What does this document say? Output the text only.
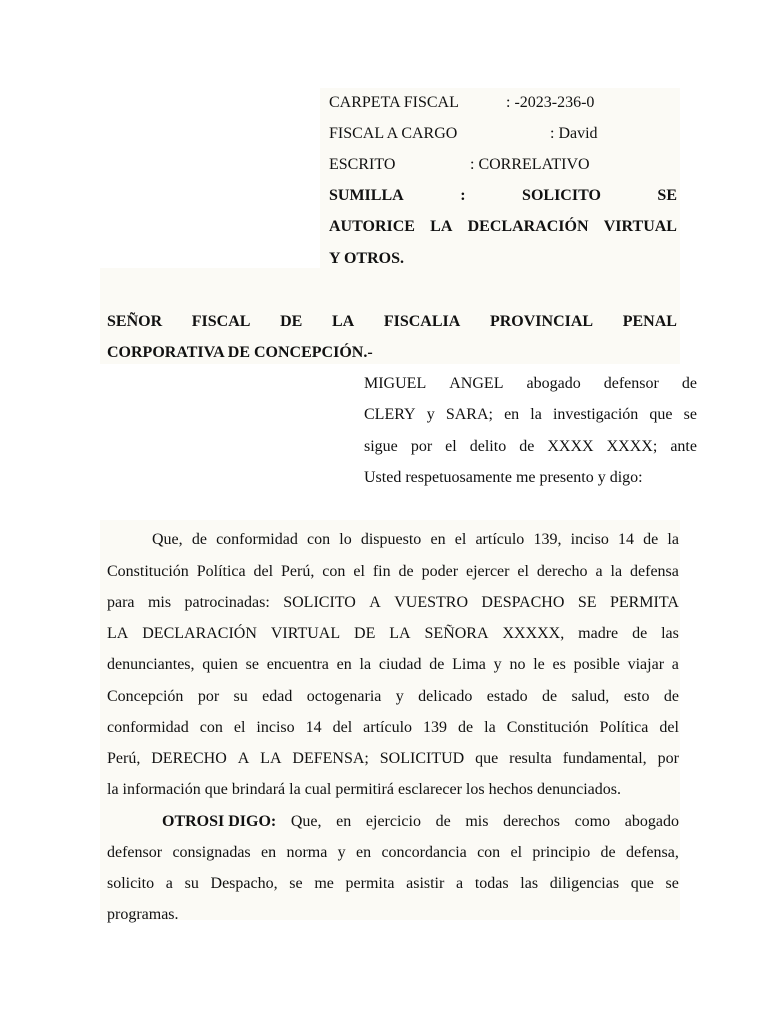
CARPETA FISCAL	: -2023-236-0
FISCAL A CARGO	: David
ESCRITO	: CORRELATIVO
SUMILLA	:	SOLICITO	SE
AUTORICE LA DECLARACIÓN VIRTUAL
Y OTROS.
SEÑOR FISCAL DE LA FISCALIA PROVINCIAL PENAL
CORPORATIVA DE CONCEPCIÓN.-
MIGUEL ANGEL abogado defensor de
CLERY y SARA; en la investigación que se
sigue por el delito de XXXX XXXX; ante
Usted respetuosamente me presento y digo:
Que, de conformidad con lo dispuesto en el artículo 139, inciso 14 de la
Constitución Política del Perú, con el fin de poder ejercer el derecho a la defensa
para mis patrocinadas: SOLICITO A VUESTRO DESPACHO SE PERMITA
LA DECLARACIÓN VIRTUAL DE LA SEÑORA XXXXX, madre de las
denunciantes, quien se encuentra en la ciudad de Lima y no le es posible viajar a
Concepción por su edad octogenaria y delicado estado de salud, esto de
conformidad con el inciso 14 del artículo 139 de la Constitución Política del
Perú, DERECHO A LA DEFENSA; SOLICITUD que resulta fundamental, por
la información que brindará la cual permitirá esclarecer los hechos denunciados.
OTROSI DIGO: Que, en ejercicio de mis derechos como abogado
defensor consignadas en norma y en concordancia con el principio de defensa,
solicito a su Despacho, se me permita asistir a todas las diligencias que se
programas.
